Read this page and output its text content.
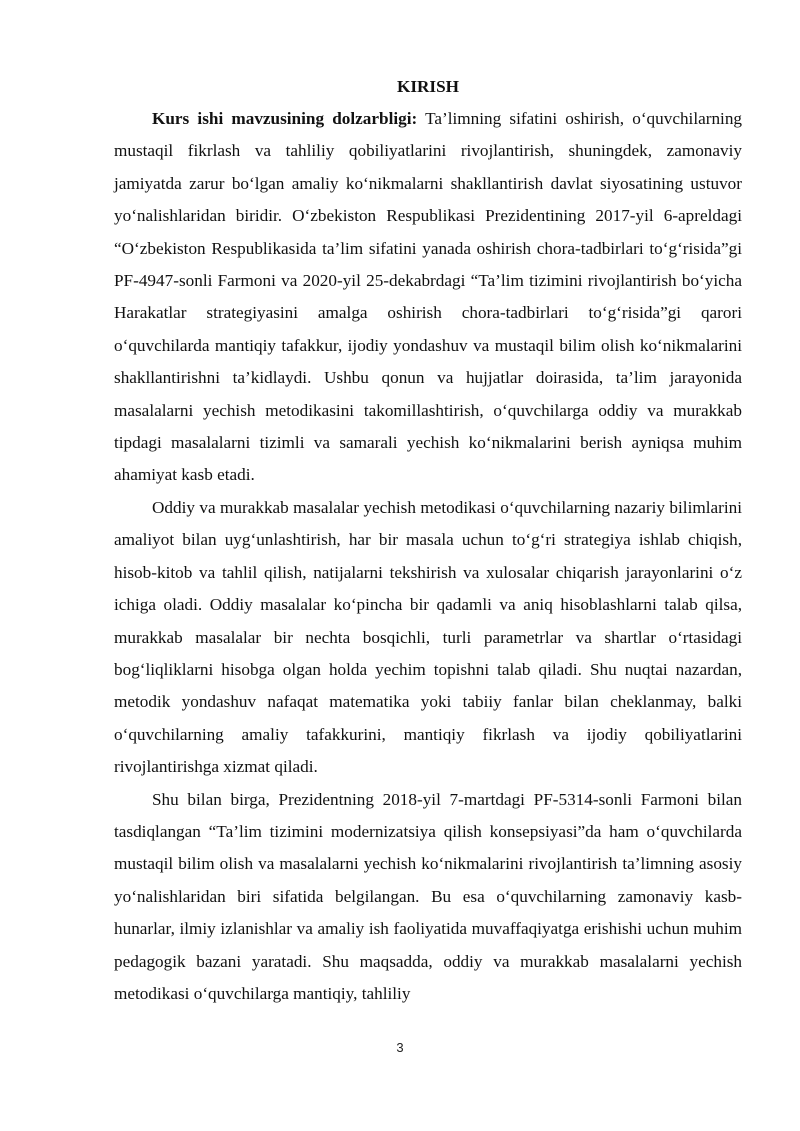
KIRISH

Kurs ishi mavzusining dolzarbligi: Ta’limning sifatini oshirish, o‘quvchilarning mustaqil fikrlash va tahliliy qobiliyatlarini rivojlantirish, shuningdek, zamonaviy jamiyatda zarur bo‘lgan amaliy ko‘nikmalarni shakllantirish davlat siyosatining ustuvor yo‘nalishlaridan biridir. O‘zbekiston Respublikasi Prezidentining 2017-yil 6-apreldagi “O‘zbekiston Respublikasida ta’lim sifatini yanada oshirish chora-tadbirlari to‘g‘risida”gi PF-4947-sonli Farmoni va 2020-yil 25-dekabrdagi “Ta’lim tizimini rivojlantirish bo‘yicha Harakatlar strategiyasini amalga oshirish chora-tadbirlari to‘g‘risida”gi qarori o‘quvchilarda mantiqiy tafakkur, ijodiy yondashuv va mustaqil bilim olish ko‘nikmalarini shakllantirishni ta’kidlaydi. Ushbu qonun va hujjatlar doirasida, ta’lim jarayonida masalalarni yechish metodikasini takomillashtirish, o‘quvchilarga oddiy va murakkab tipdagi masalalarni tizimli va samarali yechish ko‘nikmalarini berish ayniqsa muhim ahamiyat kasb etadi.

Oddiy va murakkab masalalar yechish metodikasi o‘quvchilarning nazariy bilimlarini amaliyot bilan uyg‘unlashtirish, har bir masala uchun to‘g‘ri strategiya ishlab chiqish, hisob-kitob va tahlil qilish, natijalarni tekshirish va xulosalar chiqarish jarayonlarini o‘z ichiga oladi. Oddiy masalalar ko‘pincha bir qadamli va aniq hisoblashlarni talab qilsa, murakkab masalalar bir nechta bosqichli, turli parametrlar va shartlar o‘rtasidagi bog‘liqliklarni hisobga olgan holda yechim topishni talab qiladi. Shu nuqtai nazardan, metodik yondashuv nafaqat matematika yoki tabiiy fanlar bilan cheklanmay, balki o‘quvchilarning amaliy tafakkurini, mantiqiy fikrlash va ijodiy qobiliyatlarini rivojlantirishga xizmat qiladi.

Shu bilan birga, Prezidentning 2018-yil 7-martdagi PF-5314-sonli Farmoni bilan tasdiqlangan “Ta’lim tizimini modernizatsiya qilish konsepsiyasi”da ham o‘quvchilarda mustaqil bilim olish va masalalarni yechish ko‘nikmalarini rivojlantirish ta’limning asosiy yo‘nalishlaridan biri sifatida belgilangan. Bu esa o‘quvchilarning zamonaviy kasb-hunarlar, ilmiy izlanishlar va amaliy ish faoliyatida muvaffaqiyatga erishishi uchun muhim pedagogik bazani yaratadi. Shu maqsadda, oddiy va murakkab masalalarni yechish metodikasi o‘quvchilarga mantiqiy, tahliliy

3
